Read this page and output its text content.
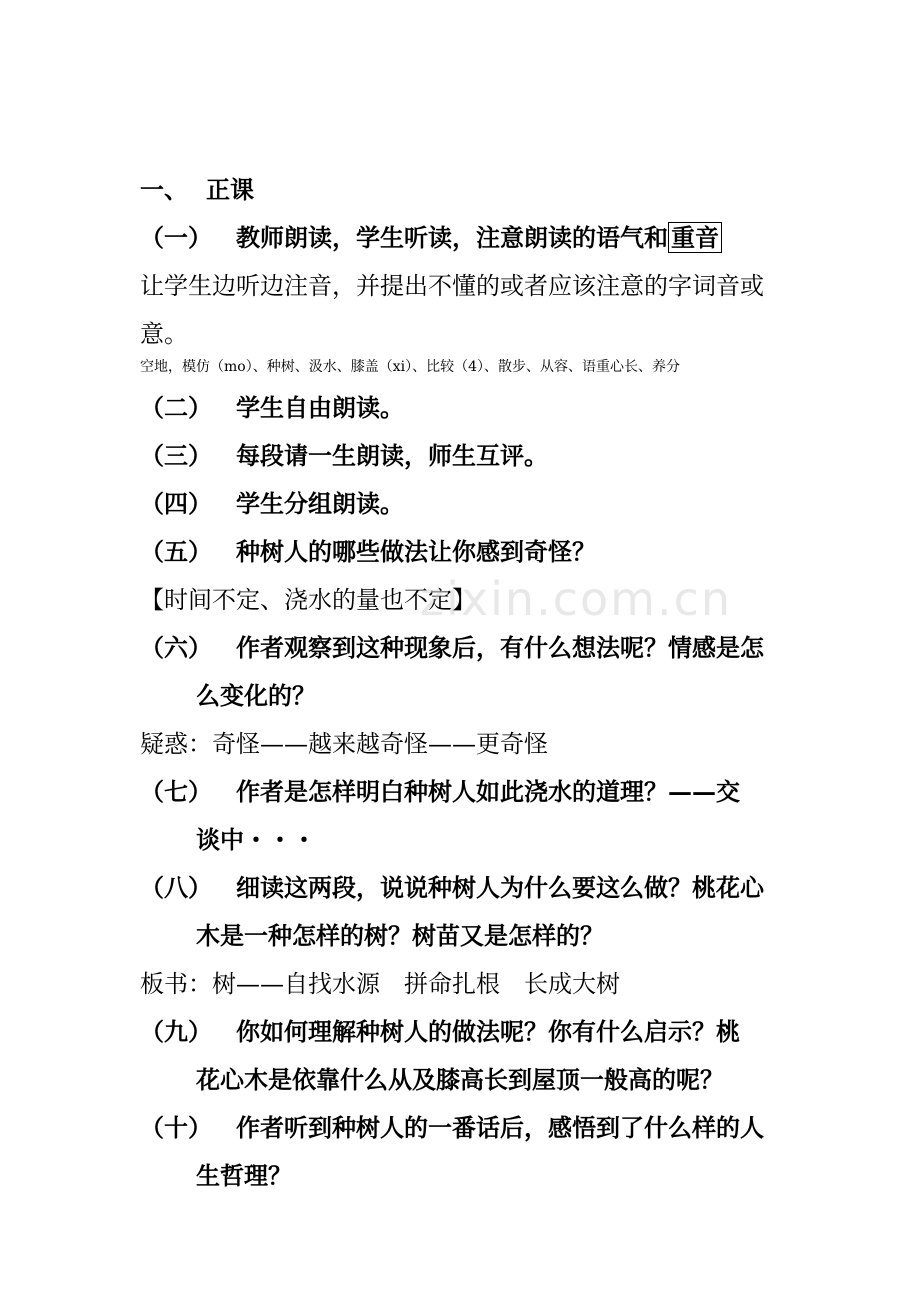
一、 正课
（一） 教师朗读，学生听读，注意朗读的语气和 重音
让学生边听边注音，并提出不懂的或者应该注意的字词音或
意。
空地，模仿（mo）、种树、汲水、膝盖（xi）、比较（4）、散步、从容、语重心长、养分
（二） 学生自由朗读。
（三） 每段请一生朗读，师生互评。
（四） 学生分组朗读。
（五） 种树人的哪些做法让你感到奇怪？
【时间不定、浇水的量也不定】
（六） 作者观察到这种现象后，有什么想法呢？情感是怎
么变化的？
疑惑：奇怪——越来越奇怪——更奇怪
（七） 作者是怎样明白种树人如此浇水的道理？——交
谈中・・・
（八） 细读这两段，说说种树人为什么要这么做？桃花心
木是一种怎样的树？树苗又是怎样的？
板书：树——自找水源　拼命扎根　长成大树
（九） 你如何理解种树人的做法呢？你有什么启示？桃
花心木是依靠什么从及膝高长到屋顶一般高的呢？
（十） 作者听到种树人的一番话后，感悟到了什么样的人
生哲理？
zixin.com.cn
